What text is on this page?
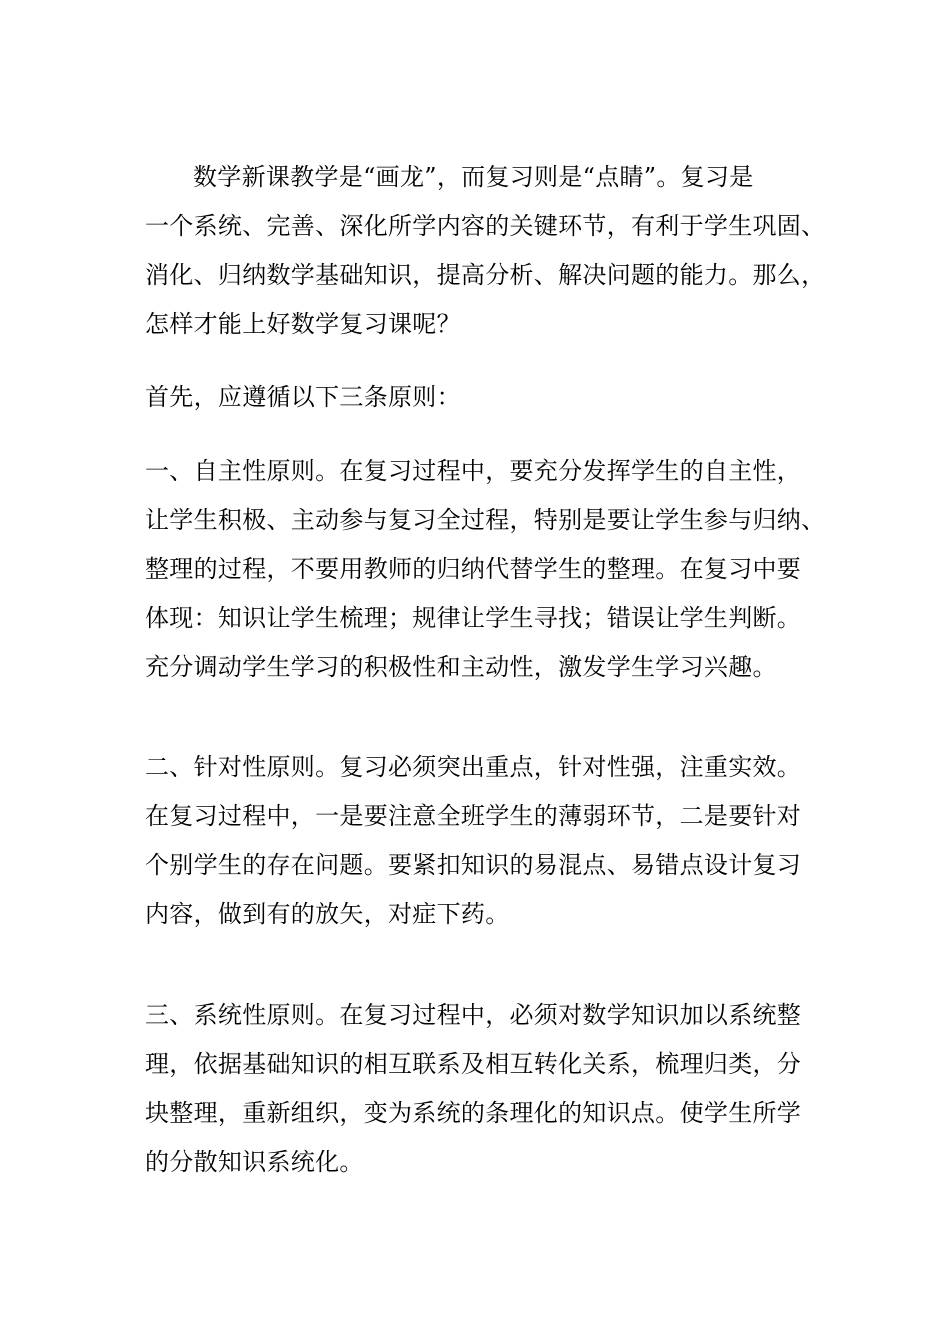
数学新课教学是“画龙”，而复习则是“点睛”。复习是
一个系统、完善、深化所学内容的关键环节，有利于学生巩固、
消化、归纳数学基础知识，提高分析、解决问题的能力。那么，
怎样才能上好数学复习课呢？
首先，应遵循以下三条原则：
一、自主性原则。在复习过程中，要充分发挥学生的自主性，
让学生积极、主动参与复习全过程，特别是要让学生参与归纳、
整理的过程，不要用教师的归纳代替学生的整理。在复习中要
体现：知识让学生梳理；规律让学生寻找；错误让学生判断。
充分调动学生学习的积极性和主动性，激发学生学习兴趣。
二、针对性原则。复习必须突出重点，针对性强，注重实效。
在复习过程中，一是要注意全班学生的薄弱环节，二是要针对
个别学生的存在问题。要紧扣知识的易混点、易错点设计复习
内容，做到有的放矢，对症下药。
三、系统性原则。在复习过程中，必须对数学知识加以系统整
理，依据基础知识的相互联系及相互转化关系，梳理归类，分
块整理，重新组织，变为系统的条理化的知识点。使学生所学
的分散知识系统化。
